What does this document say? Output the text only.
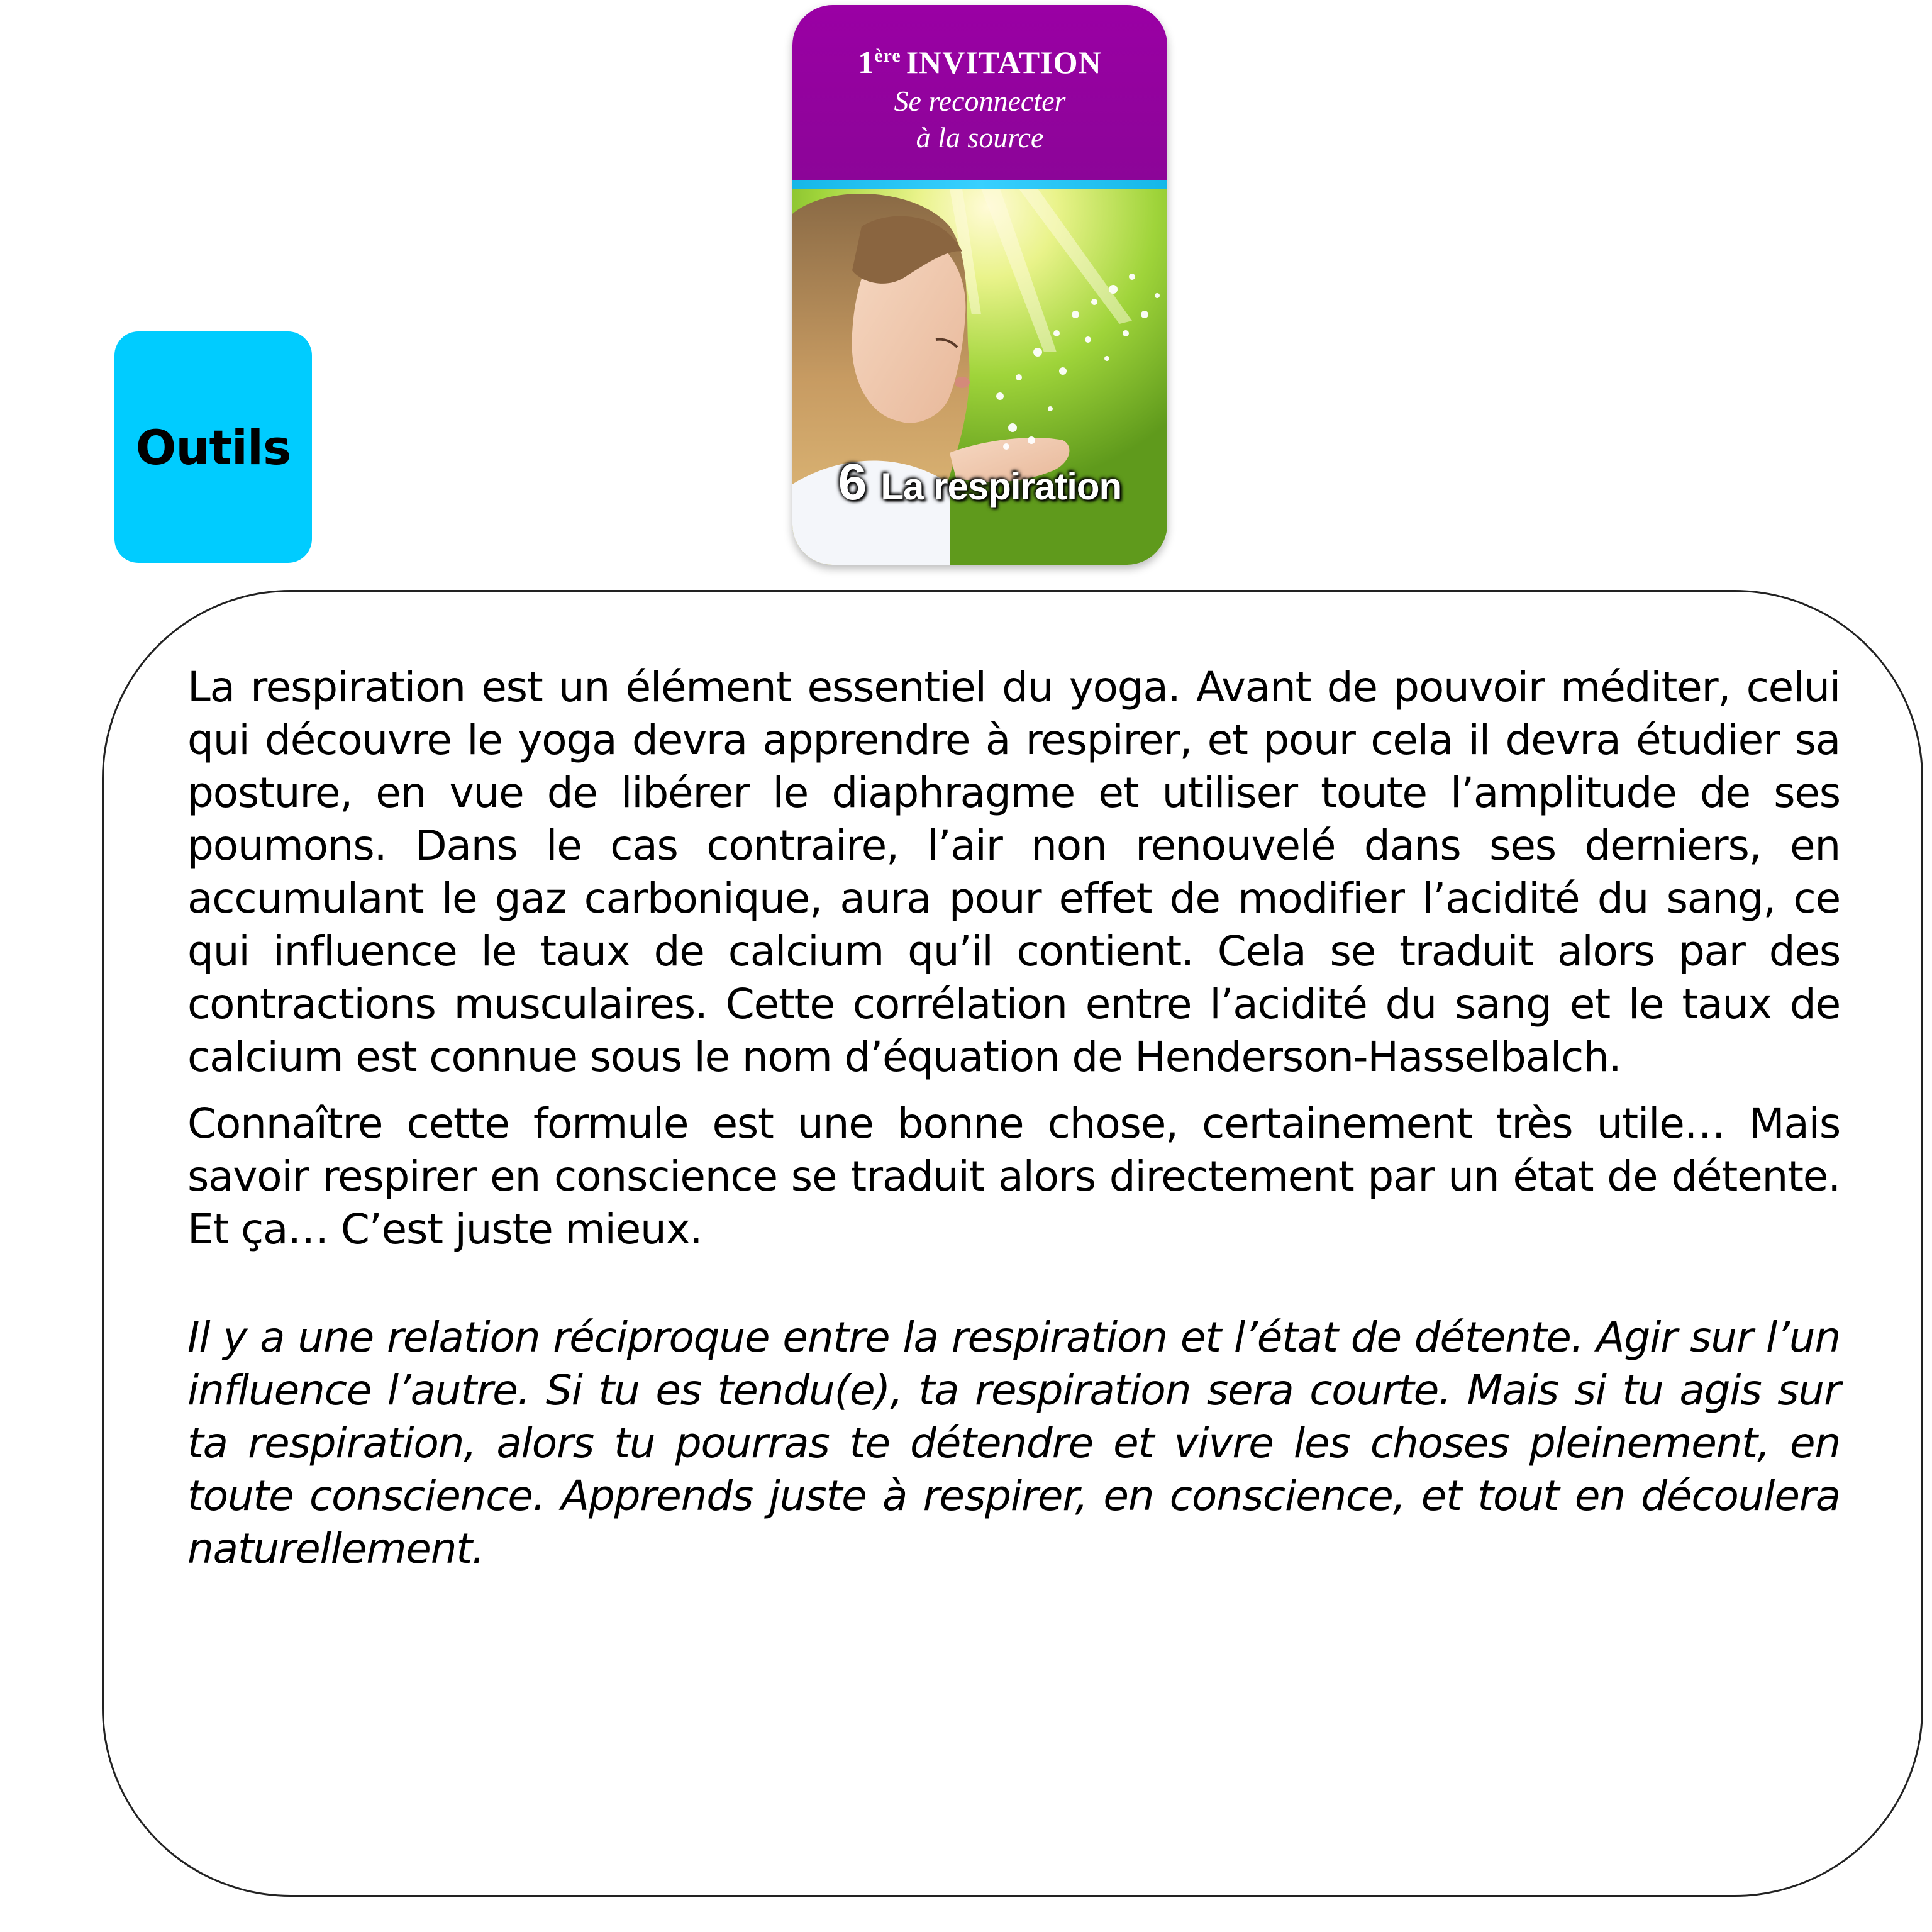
Outils
1ère INVITATION
Se reconnecter
à la source
6 La respiration

La respiration est un élément essentiel du yoga. Avant de pouvoir méditer, celui qui découvre le yoga devra apprendre à respirer, et pour cela il devra étudier sa posture, en vue de libérer le diaphragme et utiliser toute l’amplitude de ses poumons. Dans le cas contraire, l’air non renouvelé dans ses derniers, en accumulant le gaz carbonique, aura pour effet de modifier l’acidité du sang, ce qui influence le taux de calcium qu’il contient. Cela se traduit alors par des contractions musculaires. Cette corrélation entre l’acidité du sang et le taux de calcium est connue sous le nom d’équation de Henderson-Hasselbalch.

Connaître cette formule est une bonne chose, certainement très utile… Mais savoir respirer en conscience se traduit alors directement par un état de détente. Et ça… C’est juste mieux.

Il y a une relation réciproque entre la respiration et l’état de détente. Agir sur l’un influence l’autre. Si tu es tendu(e), ta respiration sera courte. Mais si tu agis sur ta respiration, alors tu pourras te détendre et vivre les choses pleinement, en toute conscience. Apprends juste à respirer, en conscience, et tout en découlera naturellement.
